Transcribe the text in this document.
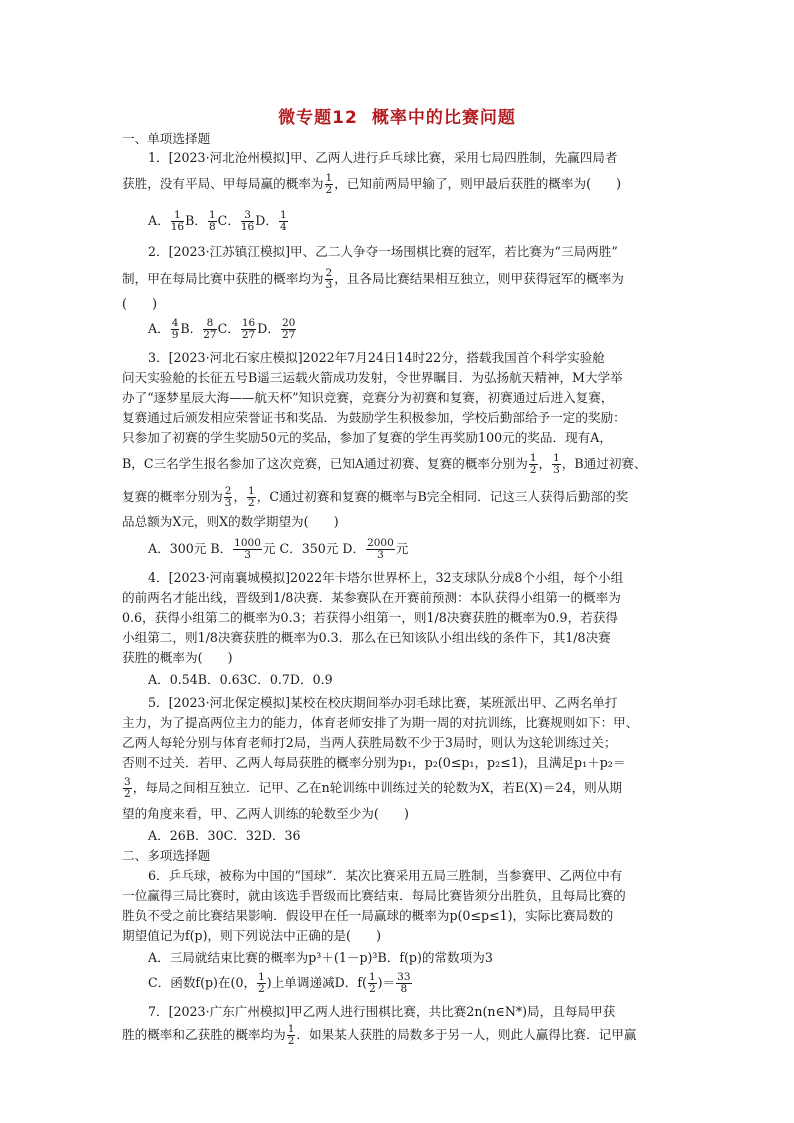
微专题12 概率中的比赛问题
一、单项选择题
1．[2023·河北沧州模拟]甲、乙两人进行乒乓球比赛，采用七局四胜制，先赢四局者
获胜，没有平局、甲每局赢的概率为 $\frac{1}{2}$ ，已知前两局甲输了，则甲最后获胜的概率为(　　)
A． $\frac{1}{16}$ B． $\frac{1}{8}$ C． $\frac{3}{16}$ D． $\frac{1}{4}$
2．[2023·江苏镇江模拟]甲、乙二人争夺一场围棋比赛的冠军，若比赛为“三局两胜”
制，甲在每局比赛中获胜的概率均为 $\frac{2}{3}$ ，且各局比赛结果相互独立，则甲获得冠军的概率为
(　　)
A． $\frac{4}{9}$ B． $\frac{8}{27}$ C． $\frac{16}{27}$ D． $\frac{20}{27}$
3．[2023·河北石家庄模拟]2022年7月24日14时22分，搭载我国首个科学实验舱
问天实验舱的长征五号B遥三运载火箭成功发射，令世界瞩目．为弘扬航天精神，M大学举
办了“逐梦星辰大海——航天杯”知识竞赛，竞赛分为初赛和复赛，初赛通过后进入复赛，
复赛通过后颁发相应荣誉证书和奖品．为鼓励学生积极参加，学校后勤部给予一定的奖励：
只参加了初赛的学生奖励50元的奖品，参加了复赛的学生再奖励100元的奖品．现有A，
B，C三名学生报名参加了这次竞赛，已知A通过初赛、复赛的概率分别为 $\frac{1}{2}$ ， $\frac{1}{3}$ ，B通过初赛、
复赛的概率分别为 $\frac{2}{3}$ ， $\frac{1}{2}$ ，C通过初赛和复赛的概率与B完全相同．记这三人获得后勤部的奖
品总额为X元，则X的数学期望为(　　)
A．300元 B． $\frac{1000}{3}$ 元 C．350元 D． $\frac{2000}{3}$ 元
4．[2023·河南襄城模拟]2022年卡塔尔世界杯上，32支球队分成8个小组，每个小组
的前两名才能出线，晋级到1/8决赛．某参赛队在开赛前预测：本队获得小组第一的概率为
0.6，获得小组第二的概率为0.3；若获得小组第一，则1/8决赛获胜的概率为0.9，若获得
小组第二，则1/8决赛获胜的概率为0.3．那么在已知该队小组出线的条件下，其1/8决赛
获胜的概率为(　　)
A．0.54B．0.63C．0.7D．0.9
5．[2023·河北保定模拟]某校在校庆期间举办羽毛球比赛，某班派出甲、乙两名单打
主力，为了提高两位主力的能力，体育老师安排了为期一周的对抗训练，比赛规则如下：甲、
乙两人每轮分别与体育老师打2局，当两人获胜局数不少于3局时，则认为这轮训练过关；
否则不过关．若甲、乙两人每局获胜的概率分别为p₁，p₂(0≤p₁，p₂≤1)，且满足p₁＋p₂＝
$\frac{3}{2}$ ，每局之间相互独立．记甲、乙在n轮训练中训练过关的轮数为X，若E(X)＝24，则从期
望的角度来看，甲、乙两人训练的轮数至少为(　　)
A．26B．30C．32D．36
二、多项选择题
6．乒乓球，被称为中国的“国球”．某次比赛采用五局三胜制，当参赛甲、乙两位中有
一位赢得三局比赛时，就由该选手晋级而比赛结束．每局比赛皆须分出胜负，且每局比赛的
胜负不受之前比赛结果影响．假设甲在任一局赢球的概率为p(0≤p≤1)，实际比赛局数的
期望值记为f(p)，则下列说法中正确的是(　　)
A．三局就结束比赛的概率为p³＋(1－p)³B．f(p)的常数项为3
C．函数f(p)在(0， $\frac{1}{2}$ )上单调递减D．$f( \frac{1}{2}$ )＝ $\frac{33}{8}$
7．[2023·广东广州模拟]甲乙两人进行围棋比赛，共比赛2n(n∈N*)局，且每局甲获
胜的概率和乙获胜的概率均为 $\frac{1}{2}$ ．如果某人获胜的局数多于另一人，则此人赢得比赛．记甲赢
